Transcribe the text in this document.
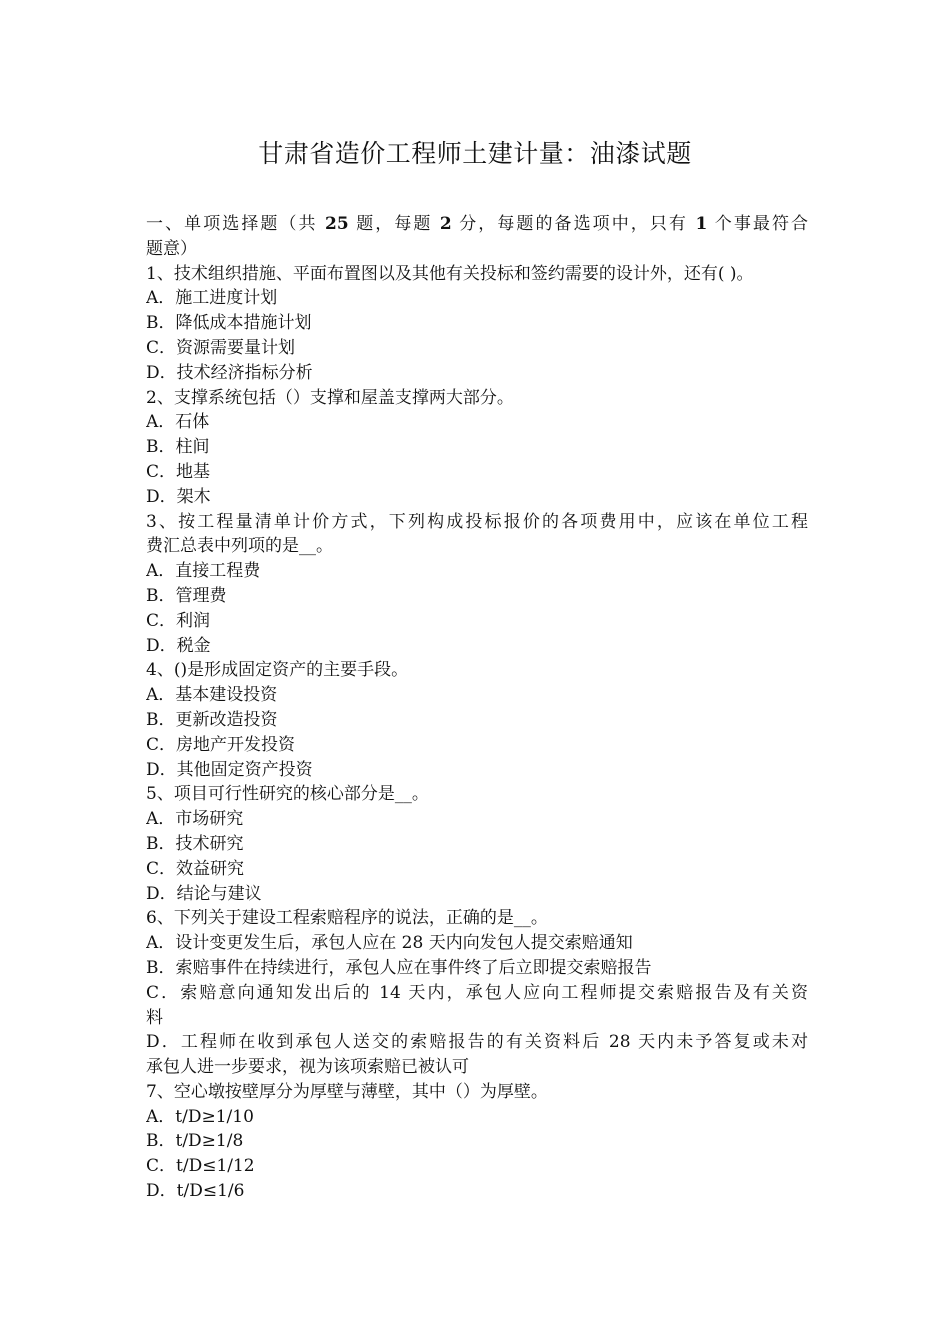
甘肃省造价工程师土建计量：油漆试题
一、单项选择题（共 25 题，每题 2 分，每题的备选项中，只有 1 个事最符合
题意）
1、技术组织措施、平面布置图以及其他有关投标和签约需要的设计外，还有( )。
A．施工进度计划
B．降低成本措施计划
C．资源需要量计划
D．技术经济指标分析
2、支撑系统包括（）支撑和屋盖支撑两大部分。
A．石体
B．柱间
C．地基
D．架木
3、按工程量清单计价方式，下列构成投标报价的各项费用中，应该在单位工程
费汇总表中列项的是__。
A．直接工程费
B．管理费
C．利润
D．税金
4、()是形成固定资产的主要手段。
A．基本建设投资
B．更新改造投资
C．房地产开发投资
D．其他固定资产投资
5、项目可行性研究的核心部分是__。
A．市场研究
B．技术研究
C．效益研究
D．结论与建议
6、下列关于建设工程索赔程序的说法，正确的是__。
A．设计变更发生后，承包人应在 28 天内向发包人提交索赔通知
B．索赔事件在持续进行，承包人应在事件终了后立即提交索赔报告
C．索赔意向通知发出后的 14 天内，承包人应向工程师提交索赔报告及有关资
料
D．工程师在收到承包人送交的索赔报告的有关资料后 28 天内未予答复或未对
承包人进一步要求，视为该项索赔已被认可
7、空心墩按壁厚分为厚壁与薄壁，其中（）为厚壁。
A．t/D≥1/10
B．t/D≥1/8
C．t/D≤1/12
D．t/D≤1/6
